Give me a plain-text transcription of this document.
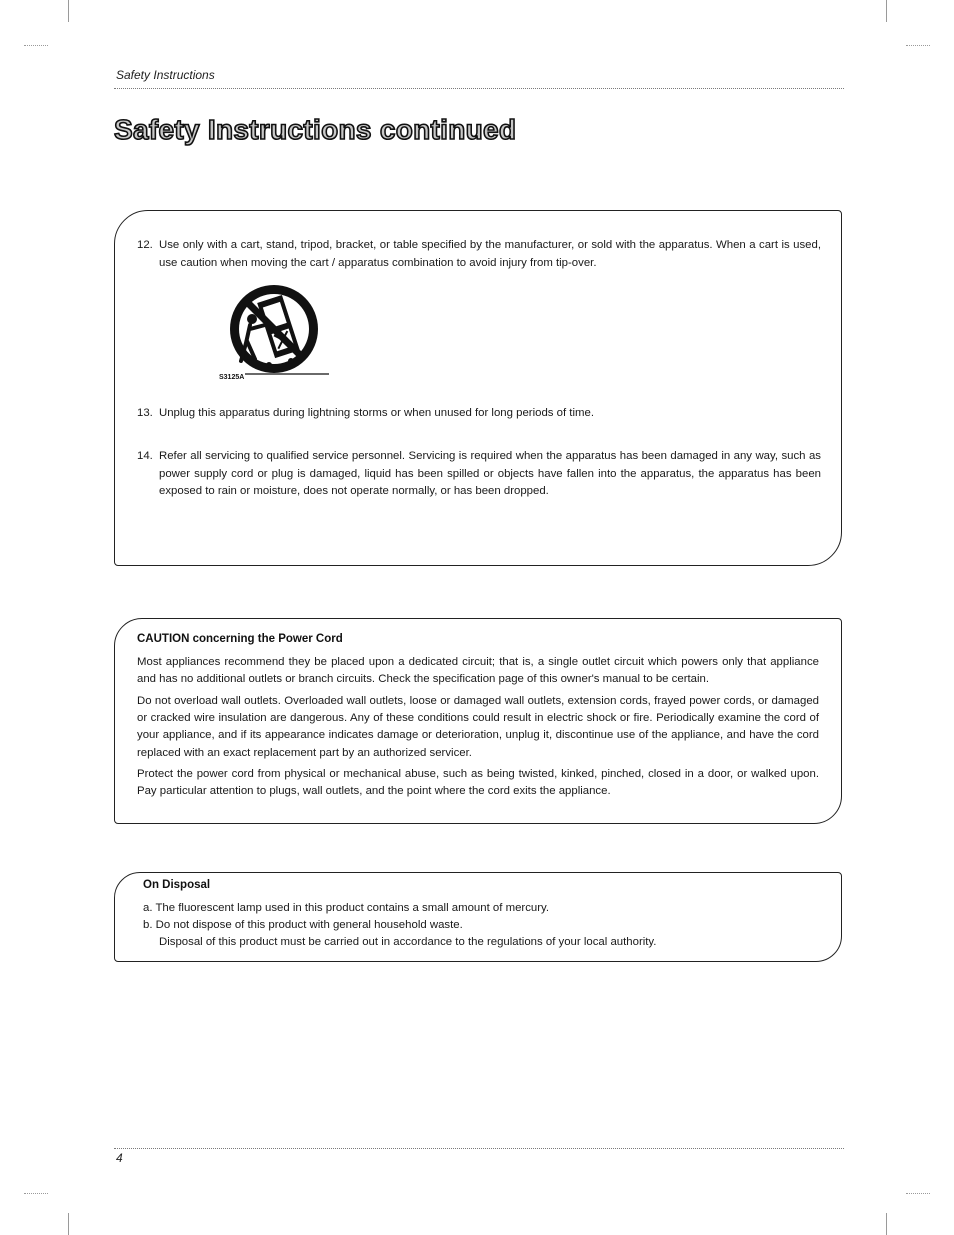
Safety Instructions
Safety Instructions continued
12. Use only with a cart, stand, tripod, bracket, or table specified by the manufacturer, or sold with the apparatus. When a cart is used, use caution when moving the cart / apparatus combination to avoid injury from tip-over.
S3125A
13. Unplug this apparatus during lightning storms or when unused for long periods of time.
14. Refer all servicing to qualified service personnel. Servicing is required when the apparatus has been damaged in any way, such as power supply cord or plug is damaged, liquid has been spilled or objects have fallen into the apparatus, the apparatus has been exposed to rain or moisture, does not operate normally, or has been dropped.
CAUTION concerning the Power Cord

Most appliances recommend they be placed upon a dedicated circuit; that is, a single outlet circuit which powers only that appliance and has no additional outlets or branch circuits. Check the specification page of this owner's manual to be certain.

Do not overload wall outlets. Overloaded wall outlets, loose or damaged wall outlets, extension cords, frayed power cords, or damaged or cracked wire insulation are dangerous. Any of these conditions could result in electric shock or fire. Periodically examine the cord of your appliance, and if its appearance indicates damage or deterioration, unplug it, discontinue use of the appliance, and have the cord replaced with an exact replacement part by an authorized servicer.

Protect the power cord from physical or mechanical abuse, such as being twisted, kinked, pinched, closed in a door, or walked upon. Pay particular attention to plugs, wall outlets, and the point where the cord exits the appliance.

On Disposal
a. The fluorescent lamp used in this product contains a small amount of mercury.
b. Do not dispose of this product with general household waste.
Disposal of this product must be carried out in accordance to the regulations of your local authority.
4
